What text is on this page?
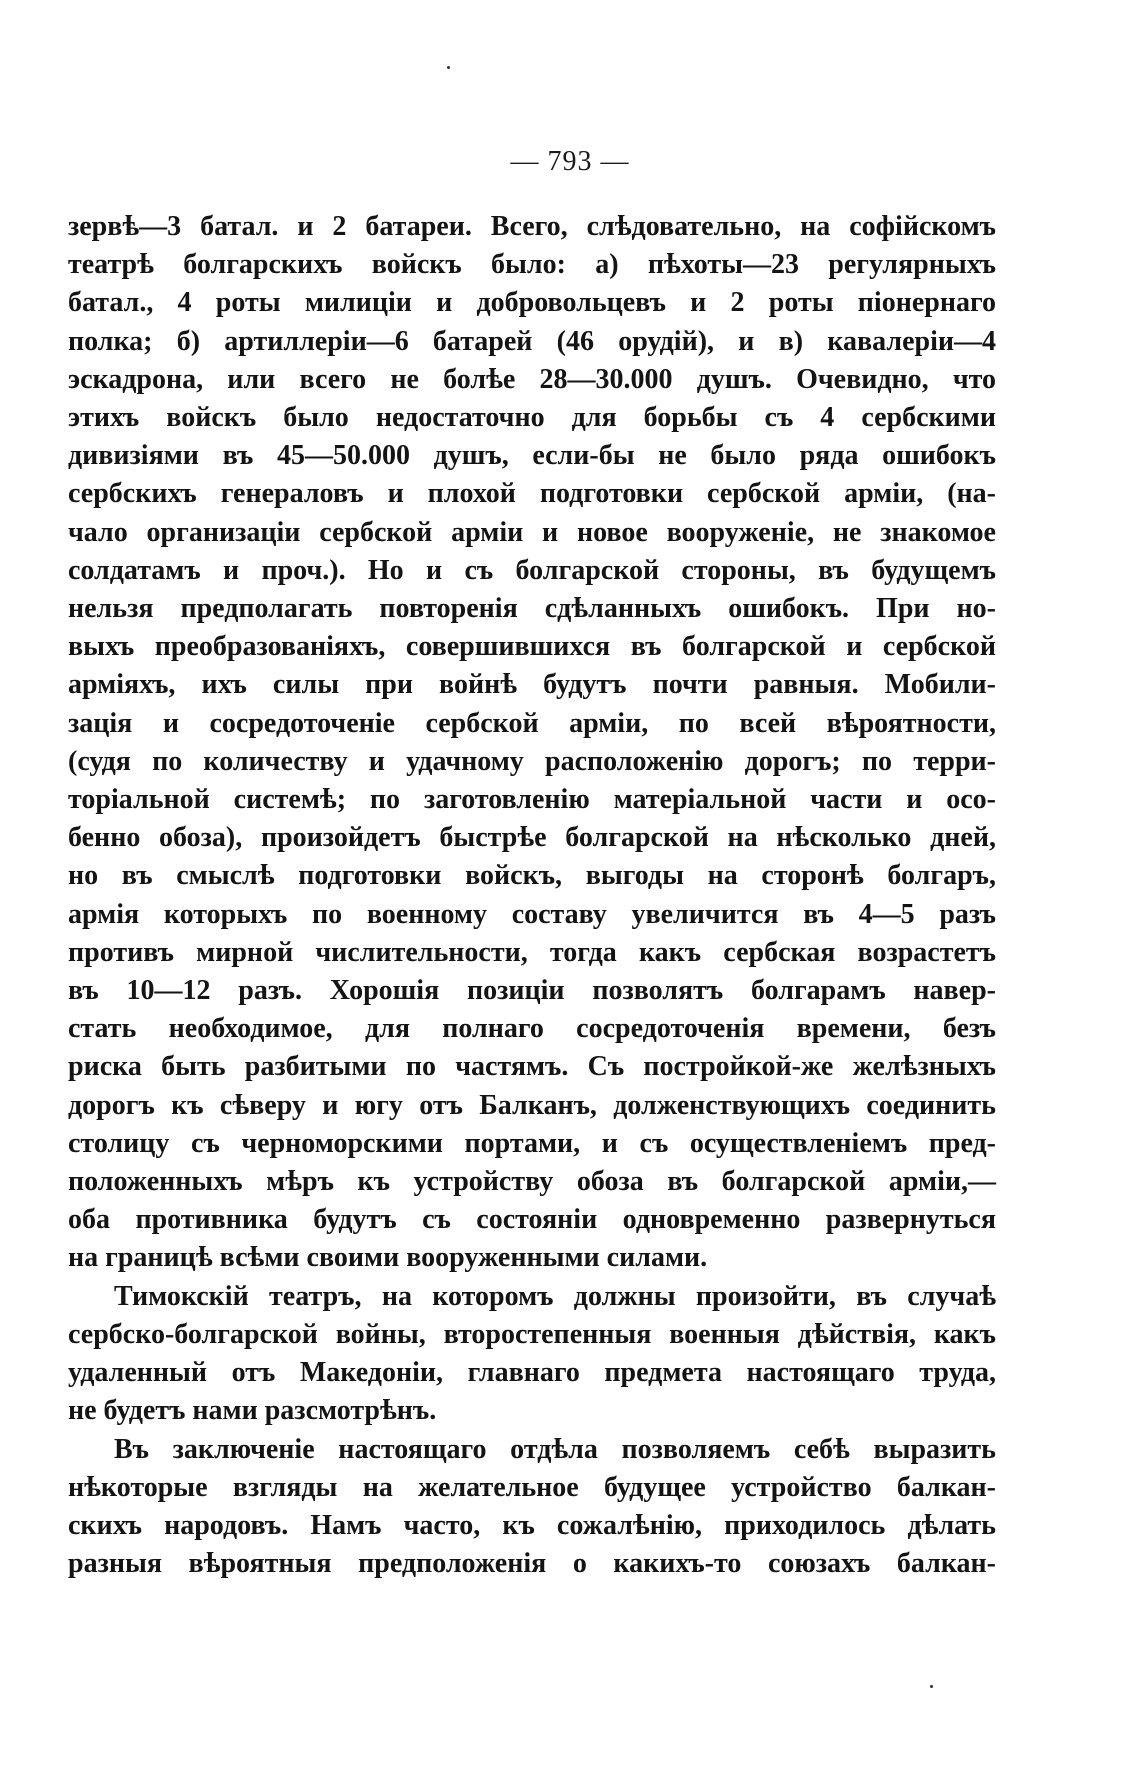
— 793 —
зервѣ—3 батал. и 2 батареи. Всего, слѣдовательно, на софійскомъ
театрѣ болгарскихъ войскъ было: а) пѣхоты—23 регулярныхъ
батал., 4 роты милиціи и добровольцевъ и 2 роты піонернаго
полка; б) артиллеріи—6 батарей (46 орудій), и в) кавалеріи—4
эскадрона, или всего не болѣе 28—30.000 душъ. Очевидно, что
этихъ войскъ было недостаточно для борьбы съ 4 сербскими
дивизіями въ 45—50.000 душъ, если-бы не было ряда ошибокъ
сербскихъ генераловъ и плохой подготовки сербской арміи, (на-
чало организаціи сербской арміи и новое вооруженіе, не знакомое
солдатамъ и проч.). Но и съ болгарской стороны, въ будущемъ
нельзя предполагать повторенія сдѣланныхъ ошибокъ. При но-
выхъ преобразованіяхъ, совершившихся въ болгарской и сербской
арміяхъ, ихъ силы при войнѣ будутъ почти равныя. Мобили-
зація и сосредоточеніе сербской арміи, по всей вѣроятности,
(судя по количеству и удачному расположенію дорогъ; по терри-
торіальной системѣ; по заготовленію матеріальной части и осо-
бенно обоза), произойдетъ быстрѣе болгарской на нѣсколько дней,
но въ смыслѣ подготовки войскъ, выгоды на сторонѣ болгаръ,
армія которыхъ по военному составу увеличится въ 4—5 разъ
противъ мирной числительности, тогда какъ сербская возрастетъ
въ 10—12 разъ. Хорошія позиціи позволятъ болгарамъ навер-
стать необходимое, для полнаго сосредоточенія времени, безъ
риска быть разбитыми по частямъ. Съ постройкой-же желѣзныхъ
дорогъ къ сѣверу и югу отъ Балканъ, долженствующихъ соединить
столицу съ черноморскими портами, и съ осуществленіемъ пред-
положенныхъ мѣръ къ устройству обоза въ болгарской арміи,—
оба противника будутъ съ состояніи одновременно развернуться
на границѣ всѣми своими вооруженными силами.
Тимокскій театръ, на которомъ должны произойти, въ случаѣ
сербско-болгарской войны, второстепенныя военныя дѣйствія, какъ
удаленный отъ Македоніи, главнаго предмета настоящаго труда,
не будетъ нами разсмотрѣнъ.
Въ заключеніе настоящаго отдѣла позволяемъ себѣ выразить
нѣкоторые взгляды на желательное будущее устройство балкан-
скихъ народовъ. Намъ часто, къ сожалѣнію, приходилось дѣлать
разныя вѣроятныя предположенія о какихъ-то союзахъ балкан-
